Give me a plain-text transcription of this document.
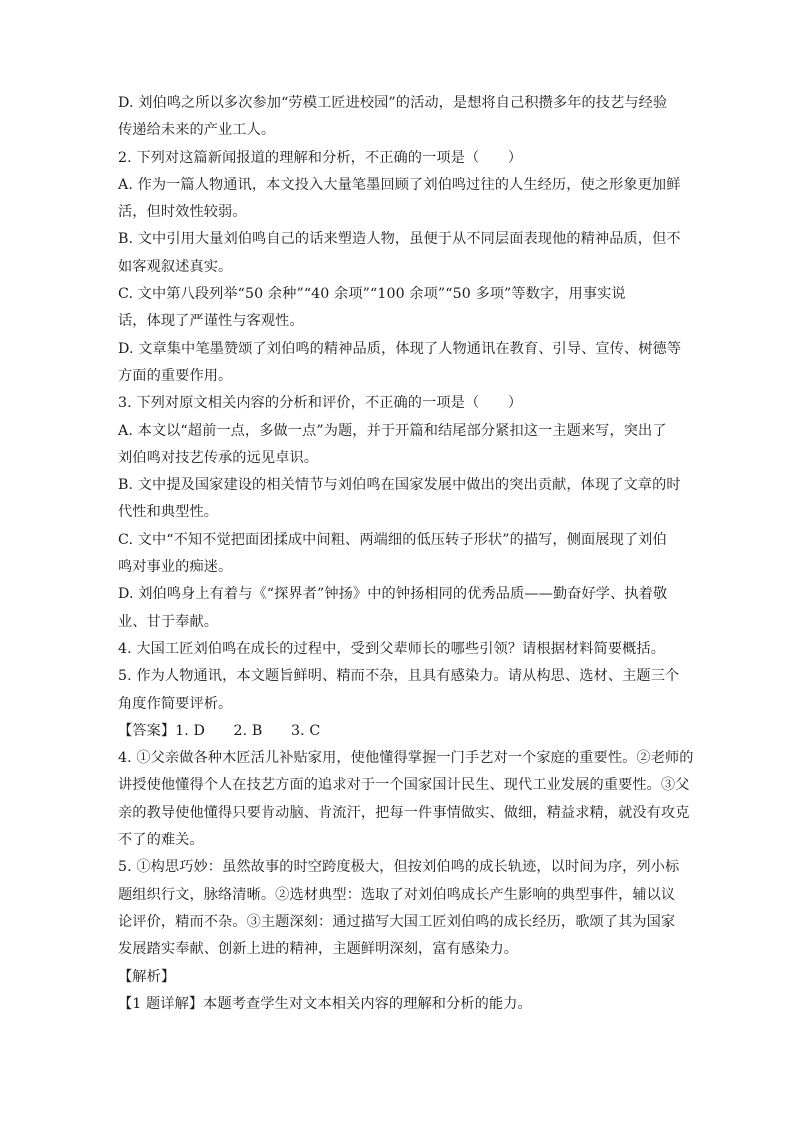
D. 刘伯鸣之所以多次参加“劳模工匠进校园”的活动，是想将自己积攒多年的技艺与经验
传递给未来的产业工人。
2. 下列对这篇新闻报道的理解和分析，不正确的一项是（　　）
A. 作为一篇人物通讯，本文投入大量笔墨回顾了刘伯鸣过往的人生经历，使之形象更加鲜
活，但时效性较弱。
B. 文中引用大量刘伯鸣自己的话来塑造人物，虽便于从不同层面表现他的精神品质，但不
如客观叙述真实。
C. 文中第八段列举“50 余种”“40 余项”“100 余项”“50 多项”等数字，用事实说
话，体现了严谨性与客观性。
D. 文章集中笔墨赞颂了刘伯鸣的精神品质，体现了人物通讯在教育、引导、宣传、树德等
方面的重要作用。
3. 下列对原文相关内容的分析和评价，不正确的一项是（　　）
A. 本文以“超前一点，多做一点”为题，并于开篇和结尾部分紧扣这一主题来写，突出了
刘伯鸣对技艺传承的远见卓识。
B. 文中提及国家建设的相关情节与刘伯鸣在国家发展中做出的突出贡献，体现了文章的时
代性和典型性。
C. 文中“不知不觉把面团揉成中间粗、两端细的低压转子形状”的描写，侧面展现了刘伯
鸣对事业的痴迷。
D. 刘伯鸣身上有着与《“探界者”钟扬》中的钟扬相同的优秀品质——勤奋好学、执着敬
业、甘于奉献。
4. 大国工匠刘伯鸣在成长的过程中，受到父辈师长的哪些引领？请根据材料简要概括。
5. 作为人物通讯，本文题旨鲜明、精而不杂，且具有感染力。请从构思、选材、主题三个
角度作简要评析。
【答案】1. D　　2. B　　3. C
4. ①父亲做各种木匠活儿补贴家用，使他懂得掌握一门手艺对一个家庭的重要性。②老师的
讲授使他懂得个人在技艺方面的追求对于一个国家国计民生、现代工业发展的重要性。③父
亲的教导使他懂得只要肯动脑、肯流汗，把每一件事情做实、做细，精益求精，就没有攻克
不了的难关。
5. ①构思巧妙：虽然故事的时空跨度极大，但按刘伯鸣的成长轨迹，以时间为序，列小标
题组织行文，脉络清晰。②选材典型：选取了对刘伯鸣成长产生影响的典型事件，辅以议
论评价，精而不杂。③主题深刻：通过描写大国工匠刘伯鸣的成长经历，歌颂了其为国家
发展踏实奉献、创新上进的精神，主题鲜明深刻，富有感染力。
【解析】
【1 题详解】本题考查学生对文本相关内容的理解和分析的能力。
